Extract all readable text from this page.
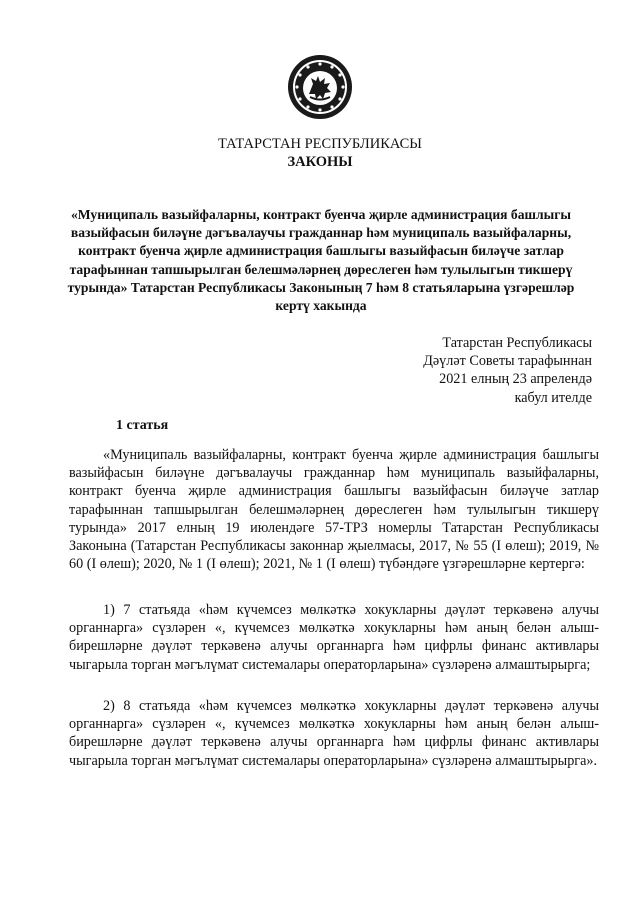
ТАТАРСТАН РЕСПУБЛИКАСЫ
ЗАКОНЫ
«Муниципаль вазыйфаларны, контракт буенча җирле администрация башлыгы вазыйфасын биләүне дәгъвалаучы гражданнар һәм муниципаль вазыйфаларны, контракт буенча җирле администрация башлыгы вазыйфасын биләүче затлар тарафыннан тапшырылган белешмәләрнең дөреслеген һәм тулылыгын тикшерү турында» Татарстан Республикасы Законының 7 һәм 8 статьяларына үзгәрешләр кертү хакында
Татарстан Республикасы
Дәүләт Советы тарафыннан
2021 елның 23 апрелендә
кабул ителде
1 статья
«Муниципаль вазыйфаларны, контракт буенча җирле администрация башлыгы вазыйфасын биләүне дәгъвалаучы гражданнар һәм муниципаль вазыйфаларны, контракт буенча җирле администрация башлыгы вазыйфасын биләүче затлар тарафыннан тапшырылган белешмәләрнең дөреслеген һәм тулылыгын тикшерү турында» 2017 елның 19 июлендәге 57-ТРЗ номерлы Татарстан Республикасы Законына (Татарстан Республикасы законнар җыелмасы, 2017, № 55 (I өлеш); 2019, № 60 (I өлеш); 2020, № 1 (I өлеш); 2021, № 1 (I өлеш) түбәндәге үзгәрешләрне кертергә:
1) 7 статьяда «һәм күчемсез мөлкәткә хокукларны дәүләт теркәвенә алучы органнарга» сүзләрен «, күчемсез мөлкәткә хокукларны һәм аның белән алыш-бирешләрне дәүләт теркәвенә алучы органнарга һәм цифрлы финанс активлары чыгарыла торган мәгълүмат системалары операторларына» сүзләренә алмаштырырга;
2) 8 статьяда «һәм күчемсез мөлкәткә хокукларны дәүләт теркәвенә алучы органнарга» сүзләрен «, күчемсез мөлкәткә хокукларны һәм аның белән алыш-бирешләрне дәүләт теркәвенә алучы органнарга һәм цифрлы финанс активлары чыгарыла торган мәгълүмат системалары операторларына» сүзләренә алмаштырырга».
